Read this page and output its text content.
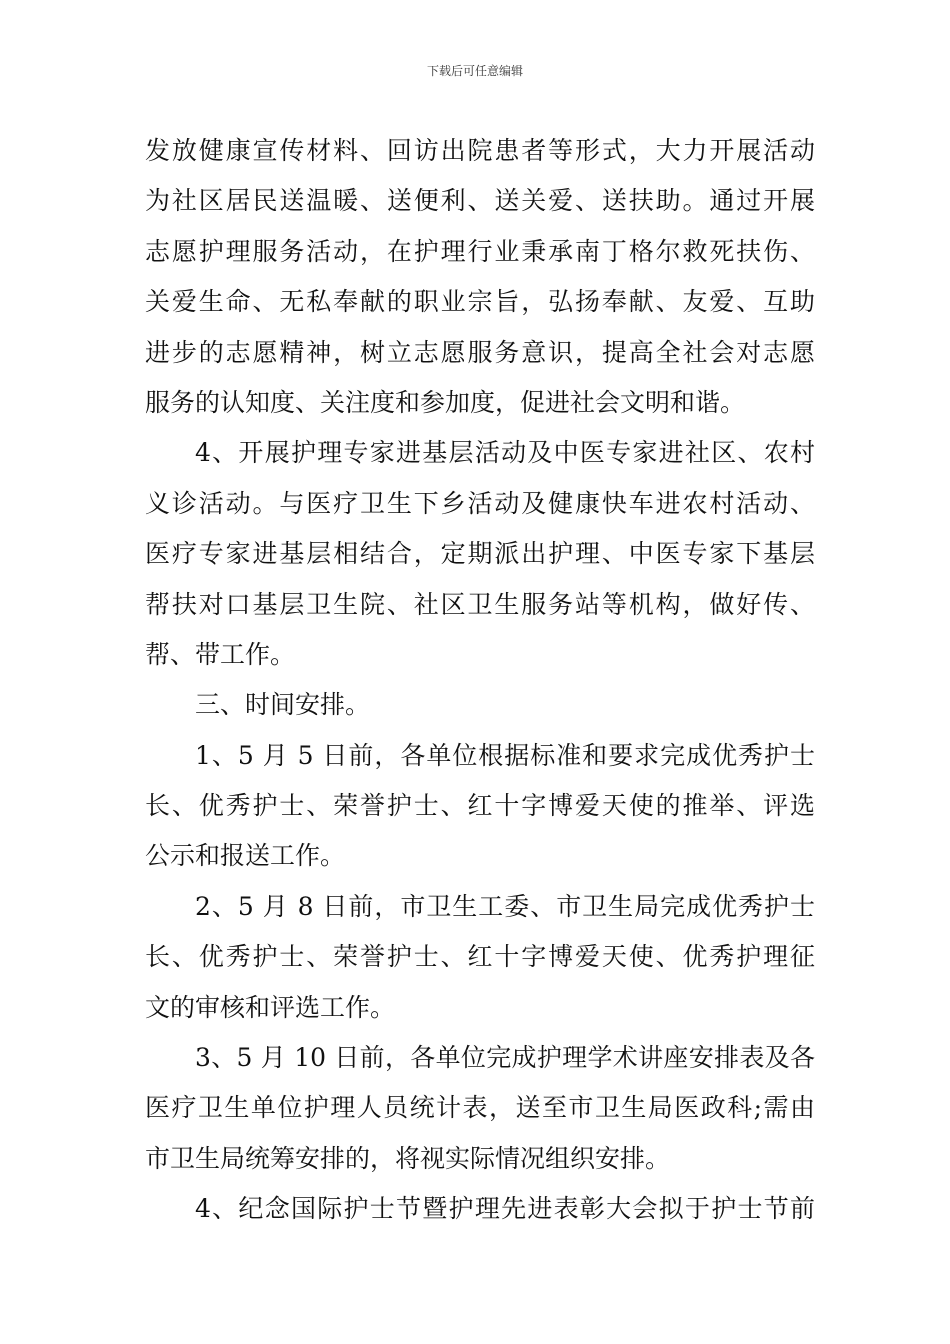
下载后可任意编辑
发放健康宣传材料、回访出院患者等形式，大力开展活动
为社区居民送温暖、送便利、送关爱、送扶助。通过开展
志愿护理服务活动，在护理行业秉承南丁格尔救死扶伤、
关爱生命、无私奉献的职业宗旨，弘扬奉献、友爱、互助
进步的志愿精神，树立志愿服务意识，提高全社会对志愿
服务的认知度、关注度和参加度，促进社会文明和谐。
4、开展护理专家进基层活动及中医专家进社区、农村
义诊活动。与医疗卫生下乡活动及健康快车进农村活动、
医疗专家进基层相结合，定期派出护理、中医专家下基层
帮扶对口基层卫生院、社区卫生服务站等机构，做好传、
帮、带工作。
三、时间安排。
1、5 月 5 日前，各单位根据标准和要求完成优秀护士
长、优秀护士、荣誉护士、红十字博爱天使的推举、评选
公示和报送工作。
2、5 月 8 日前，市卫生工委、市卫生局完成优秀护士
长、优秀护士、荣誉护士、红十字博爱天使、优秀护理征
文的审核和评选工作。
3、5 月 10 日前，各单位完成护理学术讲座安排表及各
医疗卫生单位护理人员统计表，送至市卫生局医政科;需由
市卫生局统筹安排的，将视实际情况组织安排。
4、纪念国际护士节暨护理先进表彰大会拟于护士节前
